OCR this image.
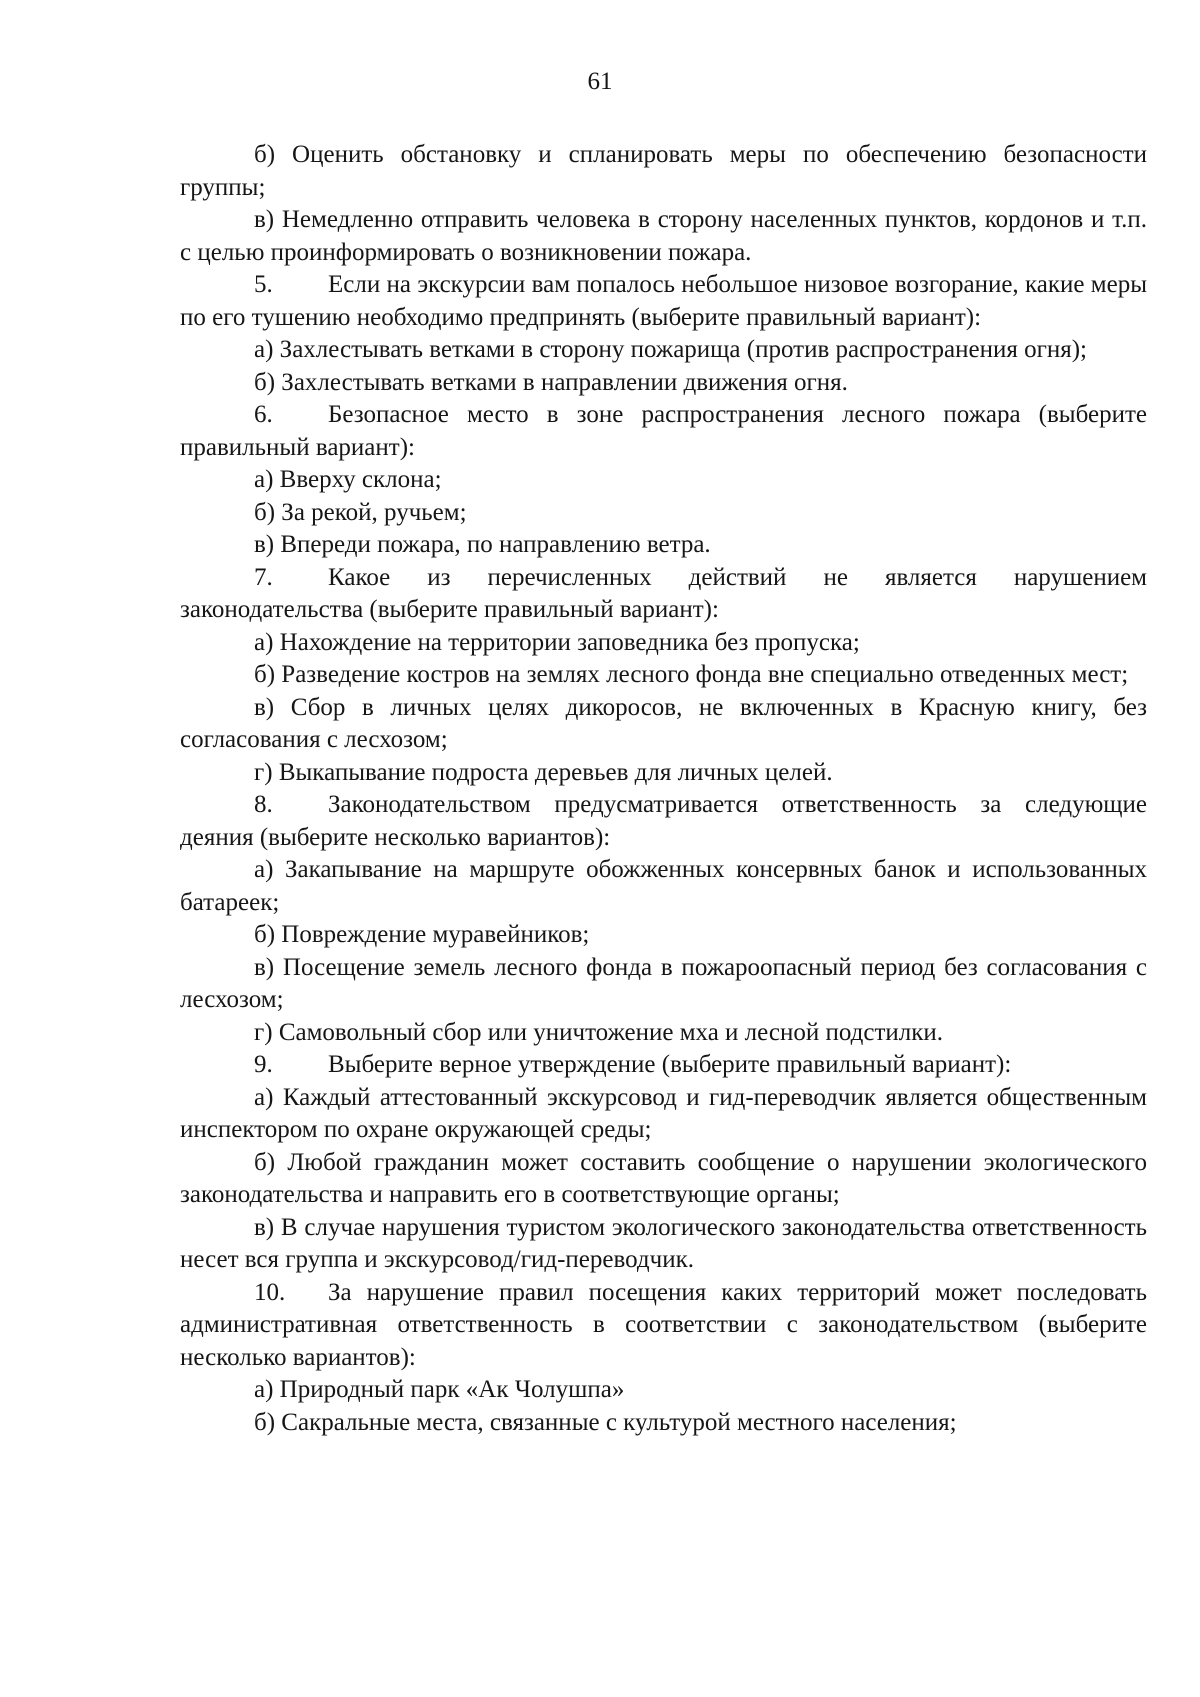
61

б) Оценить обстановку и спланировать меры по обеспечению безопасности группы;

в) Немедленно отправить человека в сторону населенных пунктов, кордонов и т.п. с целью проинформировать о возникновении пожара.

5. Если на экскурсии вам попалось небольшое низовое возгорание, какие меры по его тушению необходимо предпринять (выберите правильный вариант):

а) Захлестывать ветками в сторону пожарища (против распространения огня);

б) Захлестывать ветками в направлении движения огня.

6. Безопасное место в зоне распространения лесного пожара (выберите правильный вариант):

а) Вверху склона;

б) За рекой, ручьем;

в) Впереди пожара, по направлению ветра.

7. Какое из перечисленных действий не является нарушением законодательства (выберите правильный вариант):

а) Нахождение на территории заповедника без пропуска;

б) Разведение костров на землях лесного фонда вне специально отведенных мест;

в) Сбор в личных целях дикоросов, не включенных в Красную книгу, без согласования с лесхозом;

г) Выкапывание подроста деревьев для личных целей.

8. Законодательством предусматривается ответственность за следующие деяния (выберите несколько вариантов):

а) Закапывание на маршруте обожженных консервных банок и использованных батареек;

б) Повреждение муравейников;

в) Посещение земель лесного фонда в пожароопасный период без согласования с лесхозом;

г) Самовольный сбор или уничтожение мха и лесной подстилки.

9. Выберите верное утверждение (выберите правильный вариант):

а) Каждый аттестованный экскурсовод и гид-переводчик является общественным инспектором по охране окружающей среды;

б) Любой гражданин может составить сообщение о нарушении экологического законодательства и направить его в соответствующие органы;

в) В случае нарушения туристом экологического законодательства ответственность несет вся группа и экскурсовод/гид-переводчик.

10. За нарушение правил посещения каких территорий может последовать административная ответственность в соответствии с законодательством (выберите несколько вариантов):

а) Природный парк «Ак Чолушпа»

б) Сакральные места, связанные с культурой местного населения;
